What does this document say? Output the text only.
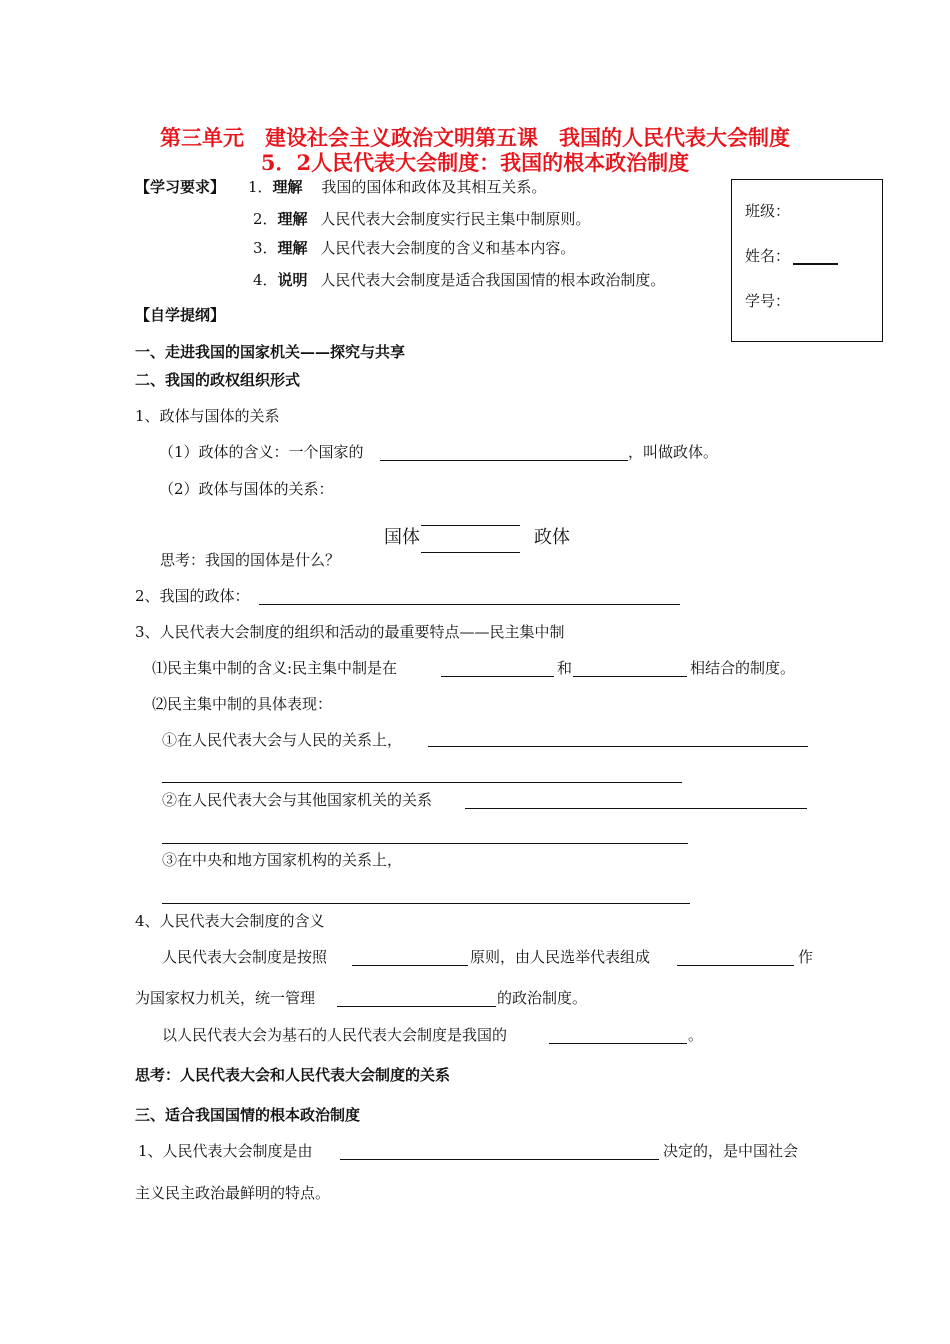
第三单元　建设社会主义政治文明第五课　我国的人民代表大会制度
5．2人民代表大会制度：我国的根本政治制度
【学习要求】 1．理解 我国的国体和政体及其相互关系。
2．理解 人民代表大会制度实行民主集中制原则。
3．理解 人民代表大会制度的含义和基本内容。
4．说明 人民代表大会制度是适合我国国情的根本政治制度。
班级：
姓名：
学号：
【自学提纲】
一、走进我国的国家机关——探究与共享
二、我国的政权组织形式
1、政体与国体的关系
（1）政体的含义：一个国家的	，叫做政体。
（2）政体与国体的关系：
国体	政体
思考：我国的国体是什么？
2、我国的政体：
3、人民代表大会制度的组织和活动的最重要特点——民主集中制
⑴民主集中制的含义:民主集中制是在	和	相结合的制度。
⑵民主集中制的具体表现：
①在人民代表大会与人民的关系上，
②在人民代表大会与其他国家机关的关系
③在中央和地方国家机构的关系上，
4、人民代表大会制度的含义
人民代表大会制度是按照	原则，由人民选举代表组成	作
为国家权力机关，统一管理	的政治制度。
以人民代表大会为基石的人民代表大会制度是我国的	。
思考：人民代表大会和人民代表大会制度的关系
三、适合我国国情的根本政治制度
1、人民代表大会制度是由	决定的，是中国社会
主义民主政治最鲜明的特点。
